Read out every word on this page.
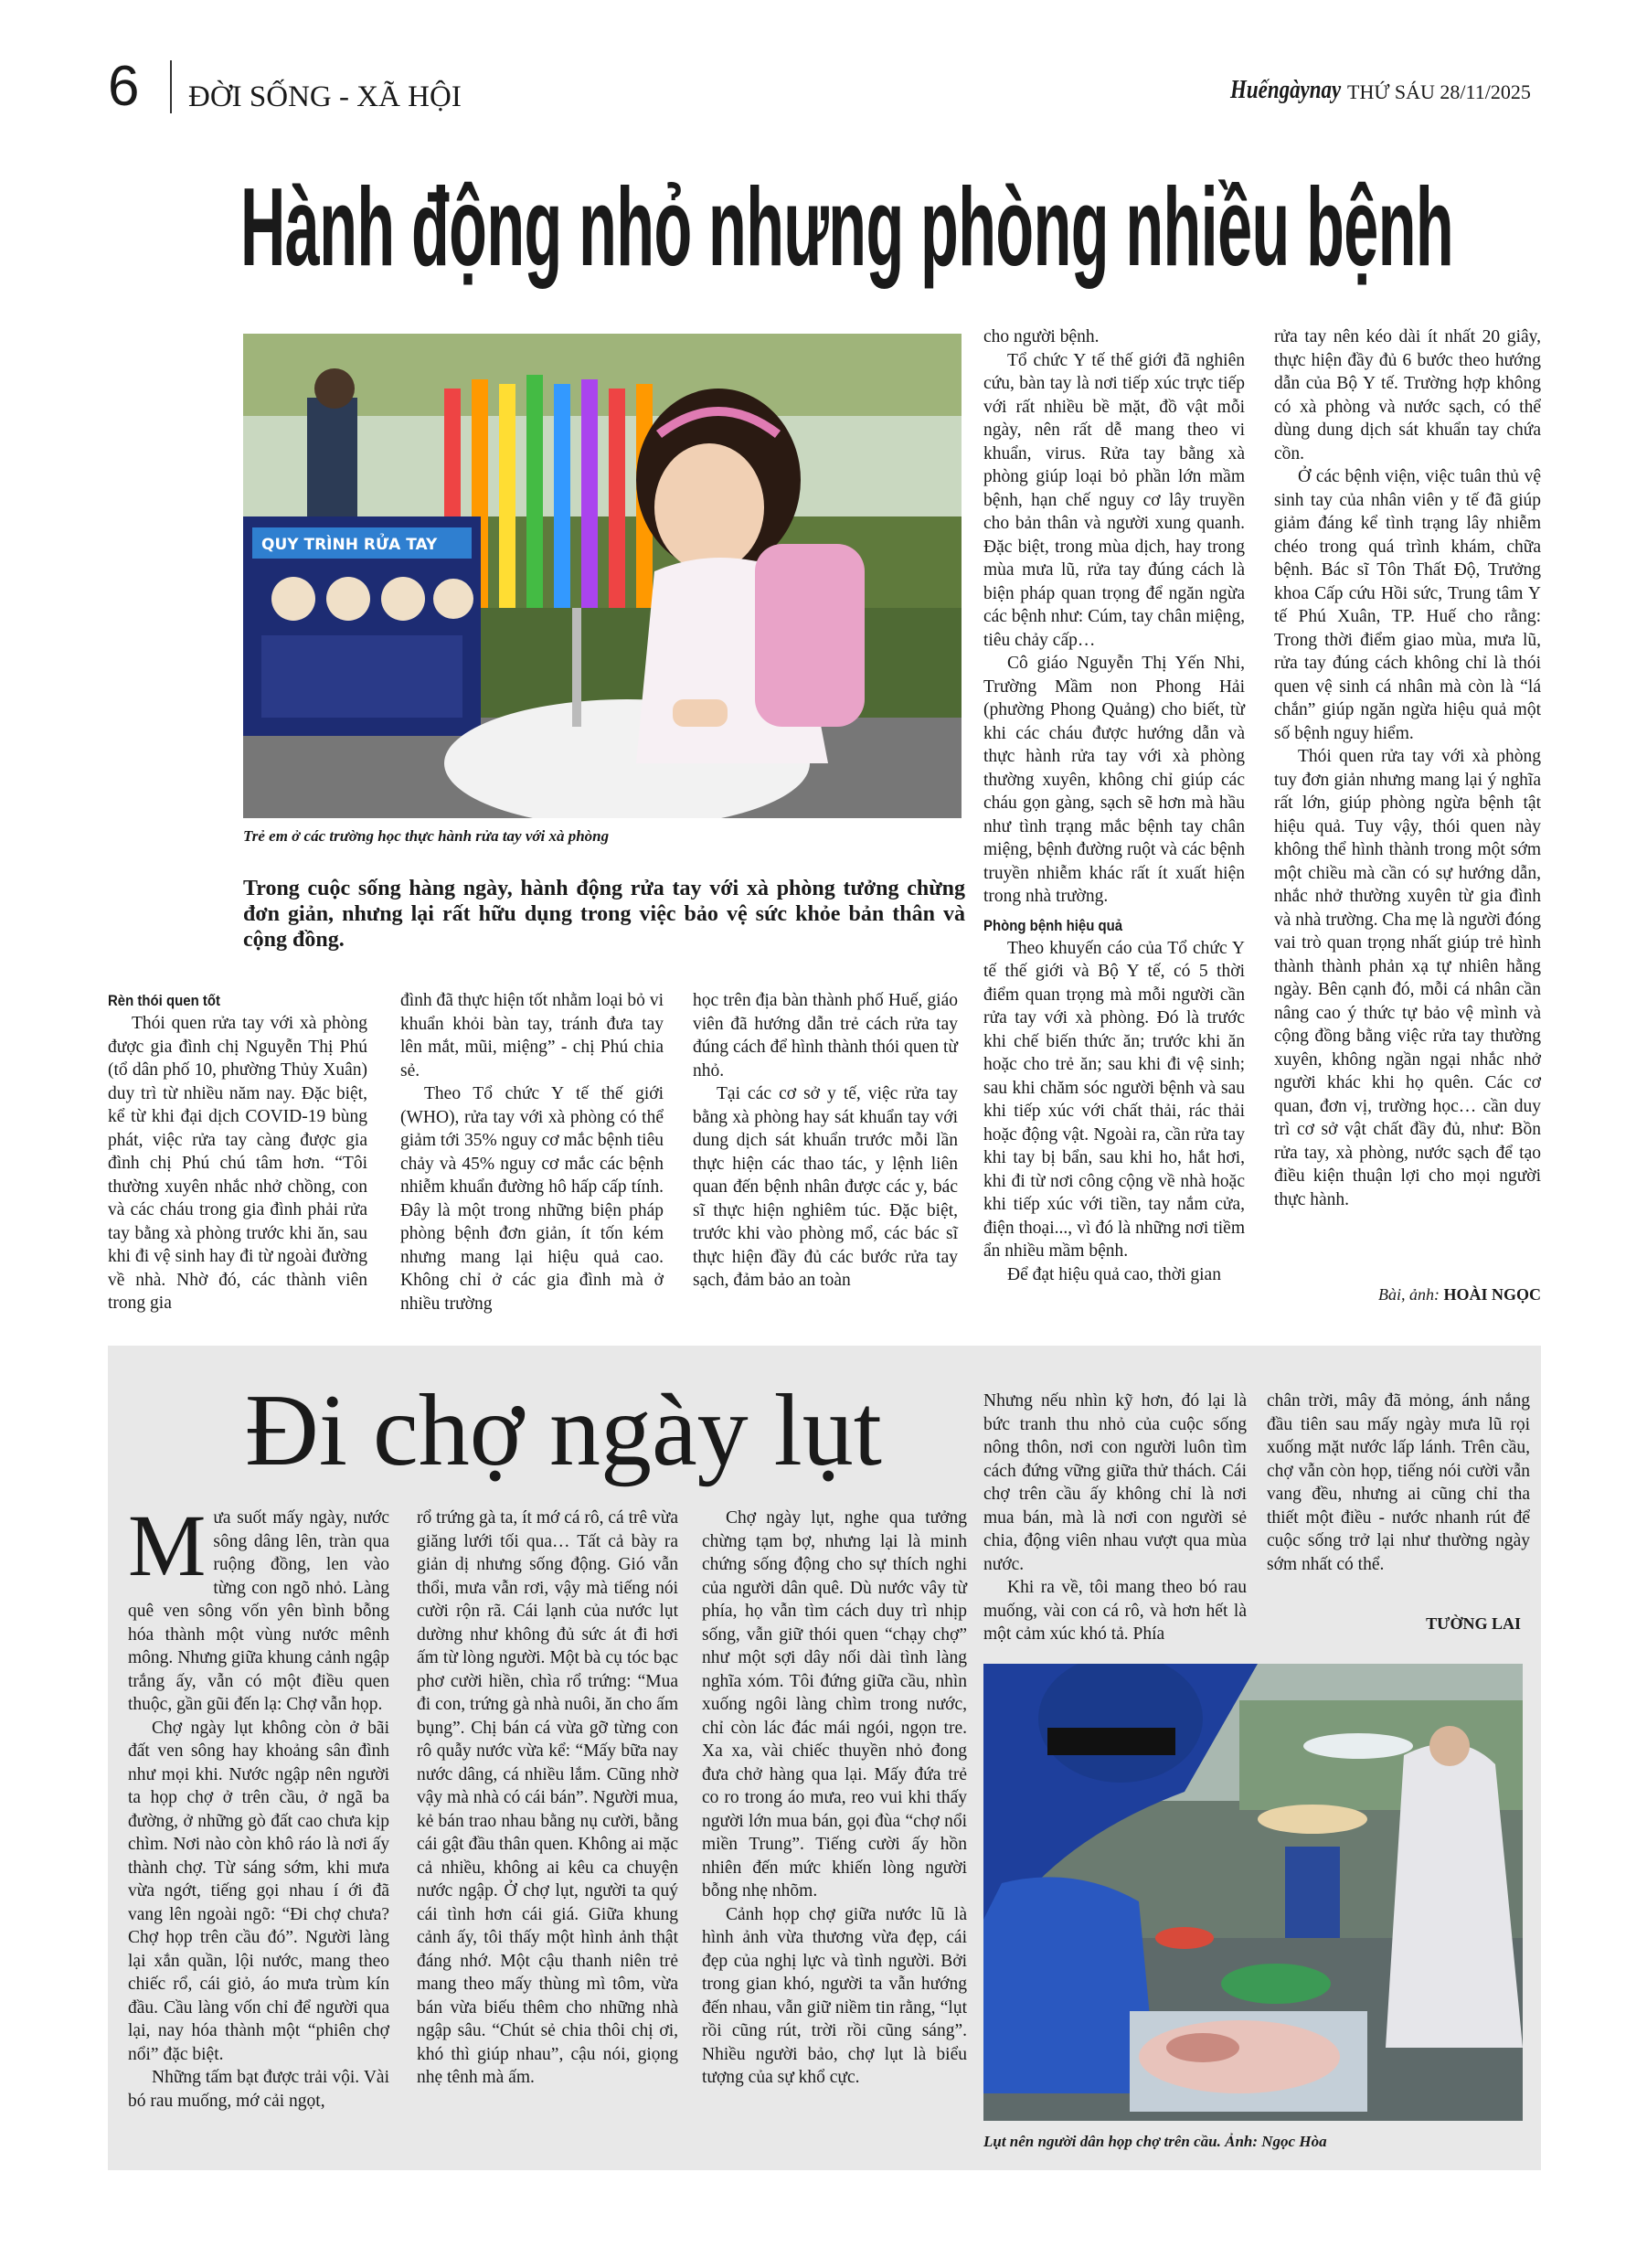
6 ĐỜI SỐNG - XÃ HỘI	Huếngàynay THỨ SÁU 28/11/2025
Hành động nhỏ nhưng phòng nhiều bệnh
QUY TRÌNH RỬA TAY
Trẻ em ở các trường học thực hành rửa tay với xà phòng
Trong cuộc sống hàng ngày, hành động rửa tay với xà phòng tưởng chừng đơn giản, nhưng lại rất hữu dụng trong việc bảo vệ sức khỏe bản thân và cộng đồng.
Rèn thói quen tốt

Thói quen rửa tay với xà phòng được gia đình chị Nguyễn Thị Phú (tổ dân phố 10, phường Thủy Xuân) duy trì từ nhiều năm nay. Đặc biệt, kể từ khi đại dịch COVID-19 bùng phát, việc rửa tay càng được gia đình chị Phú chú tâm hơn. “Tôi thường xuyên nhắc nhở chồng, con và các cháu trong gia đình phải rửa tay bằng xà phòng trước khi ăn, sau khi đi vệ sinh hay đi từ ngoài đường về nhà. Nhờ đó, các thành viên trong gia

đình đã thực hiện tốt nhằm loại bỏ vi khuẩn khỏi bàn tay, tránh đưa tay lên mắt, mũi, miệng” - chị Phú chia sẻ.

Theo Tổ chức Y tế thế giới (WHO), rửa tay với xà phòng có thể giảm tới 35% nguy cơ mắc bệnh tiêu chảy và 45% nguy cơ mắc các bệnh nhiễm khuẩn đường hô hấp cấp tính. Đây là một trong những biện pháp phòng bệnh đơn giản, ít tốn kém nhưng mang lại hiệu quả cao. Không chỉ ở các gia đình mà ở nhiều trường

học trên địa bàn thành phố Huế, giáo viên đã hướng dẫn trẻ cách rửa tay đúng cách để hình thành thói quen từ nhỏ.

Tại các cơ sở y tế, việc rửa tay bằng xà phòng hay sát khuẩn tay với dung dịch sát khuẩn trước mỗi lần thực hiện các thao tác, y lệnh liên quan đến bệnh nhân được các y, bác sĩ thực hiện nghiêm túc. Đặc biệt, trước khi vào phòng mổ, các bác sĩ thực hiện đầy đủ các bước rửa tay sạch, đảm bảo an toàn

cho người bệnh.

Tổ chức Y tế thế giới đã nghiên cứu, bàn tay là nơi tiếp xúc trực tiếp với rất nhiều bề mặt, đồ vật mỗi ngày, nên rất dễ mang theo vi khuẩn, virus. Rửa tay bằng xà phòng giúp loại bỏ phần lớn mầm bệnh, hạn chế nguy cơ lây truyền cho bản thân và người xung quanh. Đặc biệt, trong mùa dịch, hay trong mùa mưa lũ, rửa tay đúng cách là biện pháp quan trọng để ngăn ngừa các bệnh như: Cúm, tay chân miệng, tiêu chảy cấp…

Cô giáo Nguyễn Thị Yến Nhi, Trường Mầm non Phong Hải (phường Phong Quảng) cho biết, từ khi các cháu được hướng dẫn và thực hành rửa tay với xà phòng thường xuyên, không chỉ giúp các cháu gọn gàng, sạch sẽ hơn mà hầu như tình trạng mắc bệnh tay chân miệng, bệnh đường ruột và các bệnh truyền nhiễm khác rất ít xuất hiện trong nhà trường.

Phòng bệnh hiệu quả

Theo khuyến cáo của Tổ chức Y tế thế giới và Bộ Y tế, có 5 thời điểm quan trọng mà mỗi người cần rửa tay với xà phòng. Đó là trước khi chế biến thức ăn; trước khi ăn hoặc cho trẻ ăn; sau khi đi vệ sinh; sau khi chăm sóc người bệnh và sau khi tiếp xúc với chất thải, rác thải hoặc động vật. Ngoài ra, cần rửa tay khi tay bị bẩn, sau khi ho, hắt hơi, khi đi từ nơi công cộng về nhà hoặc khi tiếp xúc với tiền, tay nắm cửa, điện thoại..., vì đó là những nơi tiềm ẩn nhiều mầm bệnh.

Để đạt hiệu quả cao, thời gian

rửa tay nên kéo dài ít nhất 20 giây, thực hiện đầy đủ 6 bước theo hướng dẫn của Bộ Y tế. Trường hợp không có xà phòng và nước sạch, có thể dùng dung dịch sát khuẩn tay chứa cồn.

Ở các bệnh viện, việc tuân thủ vệ sinh tay của nhân viên y tế đã giúp giảm đáng kể tình trạng lây nhiễm chéo trong quá trình khám, chữa bệnh. Bác sĩ Tôn Thất Độ, Trưởng khoa Cấp cứu Hồi sức, Trung tâm Y tế Phú Xuân, TP. Huế cho rằng: Trong thời điểm giao mùa, mưa lũ, rửa tay đúng cách không chỉ là thói quen vệ sinh cá nhân mà còn là “lá chắn” giúp ngăn ngừa hiệu quả một số bệnh nguy hiểm.

Thói quen rửa tay với xà phòng tuy đơn giản nhưng mang lại ý nghĩa rất lớn, giúp phòng ngừa bệnh tật hiệu quả. Tuy vậy, thói quen này không thể hình thành trong một sớm một chiều mà cần có sự hướng dẫn, nhắc nhở thường xuyên từ gia đình và nhà trường. Cha mẹ là người đóng vai trò quan trọng nhất giúp trẻ hình thành thành phản xạ tự nhiên hằng ngày. Bên cạnh đó, mỗi cá nhân cần nâng cao ý thức tự bảo vệ mình và cộng đồng bằng việc rửa tay thường xuyên, không ngần ngại nhắc nhở người khác khi họ quên. Các cơ quan, đơn vị, trường học… cần duy trì cơ sở vật chất đầy đủ, như: Bồn rửa tay, xà phòng, nước sạch để tạo điều kiện thuận lợi cho mọi người thực hành.

Bài, ảnh: HOÀI NGỌC
Đi chợ ngày lụt

Mưa suốt mấy ngày, nước sông dâng lên, tràn qua ruộng đồng, len vào từng con ngõ nhỏ. Làng quê ven sông vốn yên bình bỗng hóa thành một vùng nước mênh mông. Nhưng giữa khung cảnh ngập trắng ấy, vẫn có một điều quen thuộc, gần gũi đến lạ: Chợ vẫn họp.

Chợ ngày lụt không còn ở bãi đất ven sông hay khoảng sân đình như mọi khi. Nước ngập nên người ta họp chợ ở trên cầu, ở ngã ba đường, ở những gò đất cao chưa kịp chìm. Nơi nào còn khô ráo là nơi ấy thành chợ. Từ sáng sớm, khi mưa vừa ngớt, tiếng gọi nhau í ới đã vang lên ngoài ngõ: “Đi chợ chưa? Chợ họp trên cầu đó”. Người làng lại xắn quần, lội nước, mang theo chiếc rổ, cái giỏ, áo mưa trùm kín đầu. Cầu làng vốn chỉ để người qua lại, nay hóa thành một “phiên chợ nổi” đặc biệt.

Những tấm bạt được trải vội. Vài bó rau muống, mớ cải ngọt,

rổ trứng gà ta, ít mớ cá rô, cá trê vừa giăng lưới tối qua… Tất cả bày ra giản dị nhưng sống động. Gió vẫn thổi, mưa vẫn rơi, vậy mà tiếng nói cười rộn rã. Cái lạnh của nước lụt dường như không đủ sức át đi hơi ấm từ lòng người. Một bà cụ tóc bạc phơ cười hiền, chìa rổ trứng: “Mua đi con, trứng gà nhà nuôi, ăn cho ấm bụng”. Chị bán cá vừa gỡ từng con rô quẫy nước vừa kể: “Mấy bữa nay nước dâng, cá nhiều lắm. Cũng nhờ vậy mà nhà có cái bán”. Người mua, kẻ bán trao nhau bằng nụ cười, bằng cái gật đầu thân quen. Không ai mặc cả nhiều, không ai kêu ca chuyện nước ngập. Ở chợ lụt, người ta quý cái tình hơn cái giá. Giữa khung cảnh ấy, tôi thấy một hình ảnh thật đáng nhớ. Một cậu thanh niên trẻ mang theo mấy thùng mì tôm, vừa bán vừa biếu thêm cho những nhà ngập sâu. “Chút sẻ chia thôi chị ơi, khó thì giúp nhau”, cậu nói, giọng nhẹ tênh mà ấm.

Chợ ngày lụt, nghe qua tưởng chừng tạm bợ, nhưng lại là minh chứng sống động cho sự thích nghi của người dân quê. Dù nước vây từ phía, họ vẫn tìm cách duy trì nhịp sống, vẫn giữ thói quen “chạy chợ” như một sợi dây nối dài tình làng nghĩa xóm. Tôi đứng giữa cầu, nhìn xuống ngôi làng chìm trong nước, chỉ còn lác đác mái ngói, ngọn tre. Xa xa, vài chiếc thuyền nhỏ đong đưa chở hàng qua lại. Mấy đứa trẻ co ro trong áo mưa, reo vui khi thấy người lớn mua bán, gọi đùa “chợ nổi miền Trung”. Tiếng cười ấy hồn nhiên đến mức khiến lòng người bỗng nhẹ nhõm.

Cảnh họp chợ giữa nước lũ là hình ảnh vừa thương vừa đẹp, cái đẹp của nghị lực và tình người. Bởi trong gian khó, người ta vẫn hướng đến nhau, vẫn giữ niềm tin rằng, “lụt rồi cũng rút, trời rồi cũng sáng”. Nhiều người bảo, chợ lụt là biểu tượng của sự khổ cực.

Nhưng nếu nhìn kỹ hơn, đó lại là bức tranh thu nhỏ của cuộc sống nông thôn, nơi con người luôn tìm cách đứng vững giữa thử thách. Cái chợ trên cầu ấy không chỉ là nơi mua bán, mà là nơi con người sẻ chia, động viên nhau vượt qua mùa nước.

Khi ra về, tôi mang theo bó rau muống, vài con cá rô, và hơn hết là một cảm xúc khó tả. Phía

chân trời, mây đã mỏng, ánh nắng đầu tiên sau mấy ngày mưa lũ rọi xuống mặt nước lấp lánh. Trên cầu, chợ vẫn còn họp, tiếng nói cười vẫn vang đều, nhưng ai cũng chỉ tha thiết một điều - nước nhanh rút để cuộc sống trở lại như thường ngày sớm nhất có thể.

TƯỜNG LAI
Lụt nên người dân họp chợ trên cầu. Ảnh: Ngọc Hòa
